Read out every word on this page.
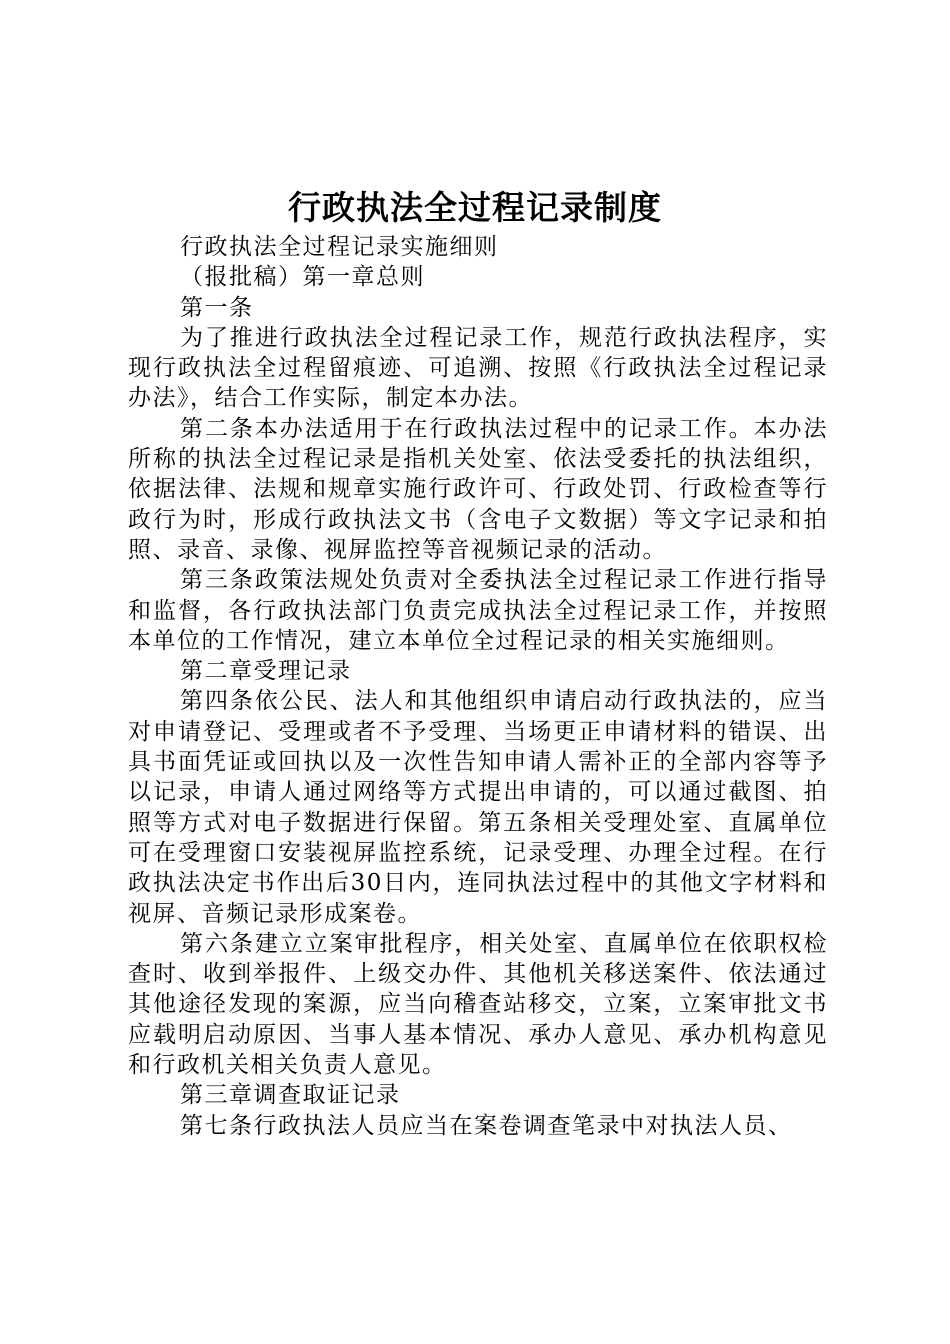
行政执法全过程记录制度

行政执法全过程记录实施细则

（报批稿）第一章总则

第一条

为了推进行政执法全过程记录工作，规范行政执法程序，实现行政执法全过程留痕迹、可追溯、按照《行政执法全过程记录办法》，结合工作实际，制定本办法。

第二条本办法适用于在行政执法过程中的记录工作。本办法所称的执法全过程记录是指机关处室、依法受委托的执法组织，依据法律、法规和规章实施行政许可、行政处罚、行政检查等行政行为时，形成行政执法文书（含电子文数据）等文字记录和拍照、录音、录像、视屏监控等音视频记录的活动。

第三条政策法规处负责对全委执法全过程记录工作进行指导和监督，各行政执法部门负责完成执法全过程记录工作，并按照本单位的工作情况，建立本单位全过程记录的相关实施细则。

第二章受理记录

第四条依公民、法人和其他组织申请启动行政执法的，应当对申请登记、受理或者不予受理、当场更正申请材料的错误、出具书面凭证或回执以及一次性告知申请人需补正的全部内容等予以记录，申请人通过网络等方式提出申请的，可以通过截图、拍照等方式对电子数据进行保留。第五条相关受理处室、直属单位可在受理窗口安装视屏监控系统，记录受理、办理全过程。在行政执法决定书作出后30日内，连同执法过程中的其他文字材料和视屏、音频记录形成案卷。

第六条建立立案审批程序，相关处室、直属单位在依职权检查时、收到举报件、上级交办件、其他机关移送案件、依法通过其他途径发现的案源，应当向稽查站移交，立案，立案审批文书应载明启动原因、当事人基本情况、承办人意见、承办机构意见和行政机关相关负责人意见。

第三章调查取证记录

第七条行政执法人员应当在案卷调查笔录中对执法人员、
